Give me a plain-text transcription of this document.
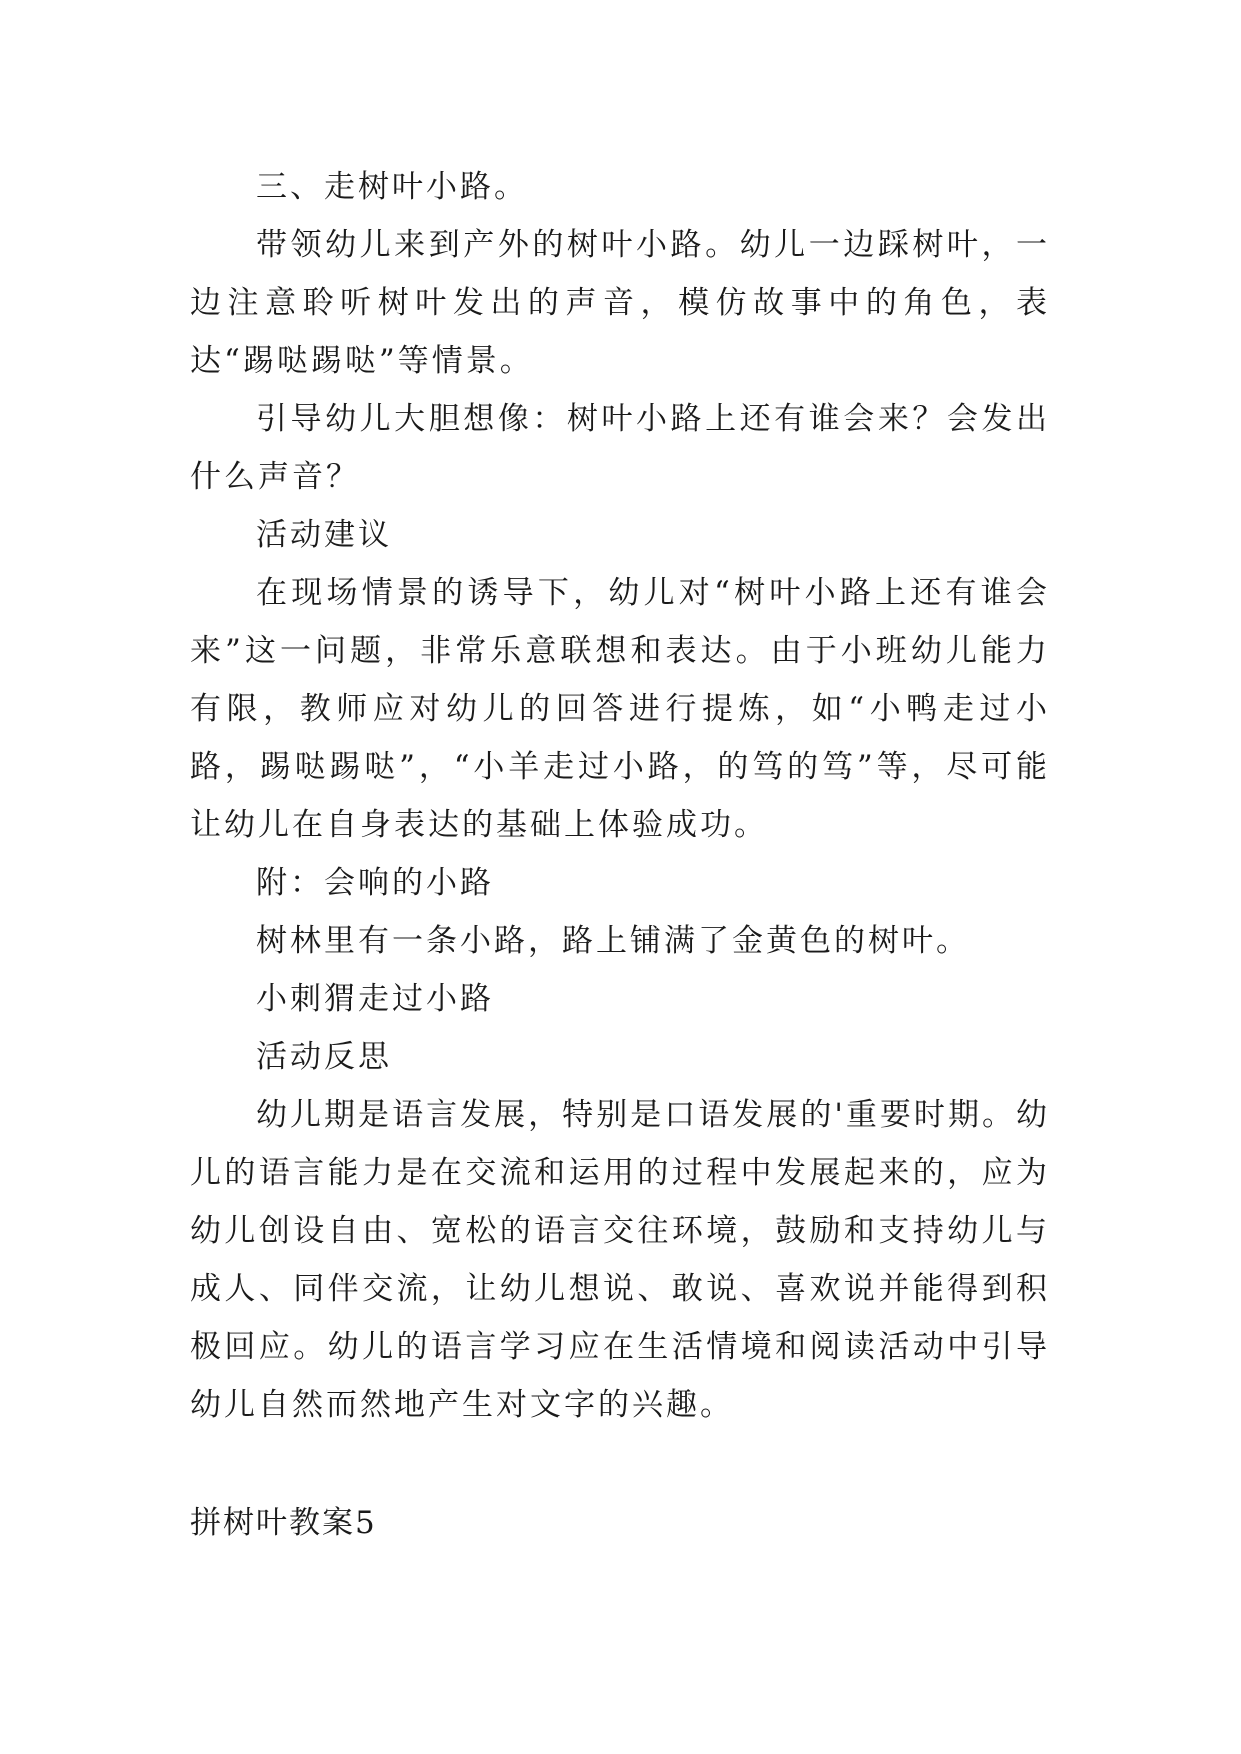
三、走树叶小路。

带领幼儿来到产外的树叶小路。幼儿一边踩树叶，一边注意聆听树叶发出的声音，模仿故事中的角色，表达“踢哒踢哒”等情景。

引导幼儿大胆想像：树叶小路上还有谁会来？会发出什么声音？

活动建议

在现场情景的诱导下，幼儿对“树叶小路上还有谁会来”这一问题，非常乐意联想和表达。由于小班幼儿能力有限，教师应对幼儿的回答进行提炼，如“小鸭走过小路，踢哒踢哒”，“小羊走过小路，的笃的笃”等，尽可能让幼儿在自身表达的基础上体验成功。

附：会响的小路

树林里有一条小路，路上铺满了金黄色的树叶。

小刺猬走过小路

活动反思

幼儿期是语言发展，特别是口语发展的'重要时期。幼儿的语言能力是在交流和运用的过程中发展起来的，应为幼儿创设自由、宽松的语言交往环境，鼓励和支持幼儿与成人、同伴交流，让幼儿想说、敢说、喜欢说并能得到积极回应。幼儿的语言学习应在生活情境和阅读活动中引导幼儿自然而然地产生对文字的兴趣。

拼树叶教案5
